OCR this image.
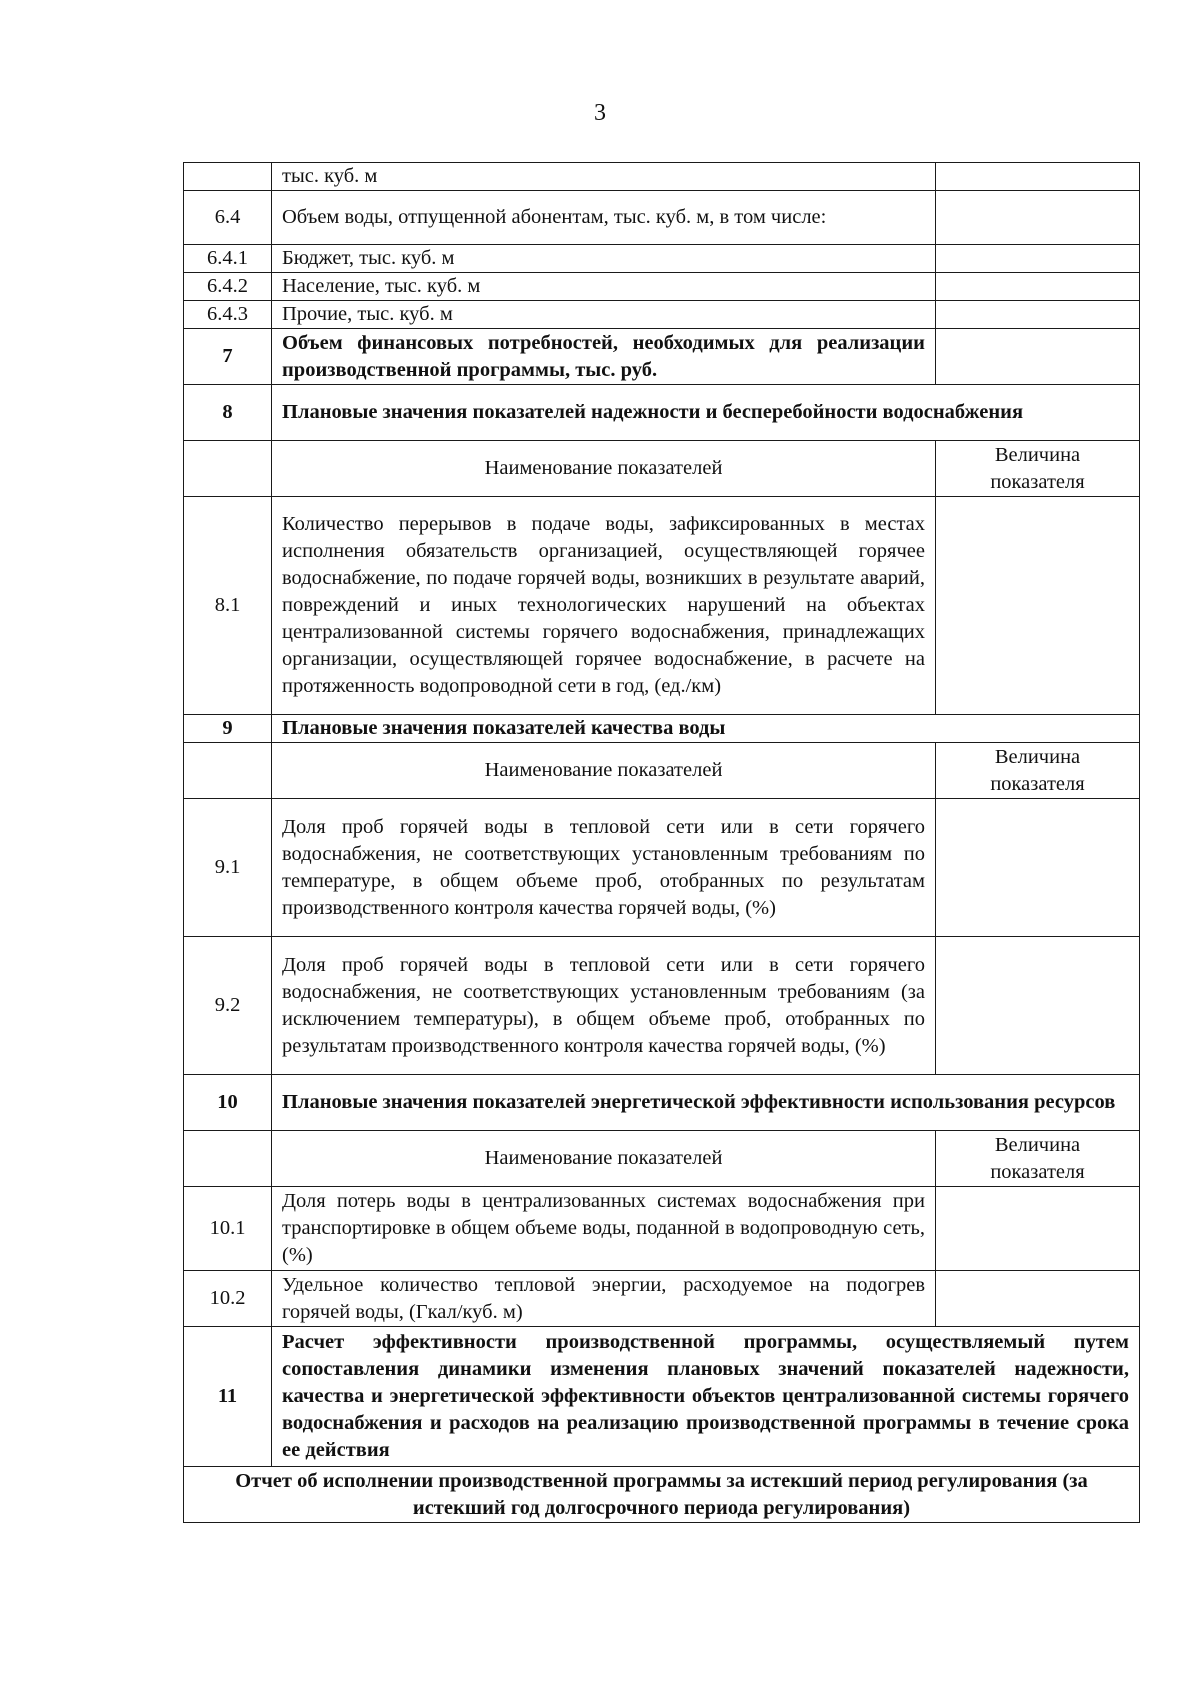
3
	тыс. куб. м	
6.4	Объем воды, отпущенной абонентам, тыс. куб. м, в том числе:	
6.4.1	Бюджет, тыс. куб. м	
6.4.2	Население, тыс. куб. м	
6.4.3	Прочие, тыс. куб. м	
7	Объем финансовых потребностей, необходимых для реализации производственной программы, тыс. руб.	
8	Плановые значения показателей надежности и бесперебойности водоснабжения	
	Наименование показателей	Величина показателя
8.1	Количество перерывов в подаче воды, зафиксированных в местах исполнения обязательств организацией, осуществляющей горячее водоснабжение, по подаче горячей воды, возникших в результате аварий, повреждений и иных технологических нарушений на объектах централизованной системы горячего водоснабжения, принадлежащих организации, осуществляющей горячее водоснабжение, в расчете на протяженность водопроводной сети в год, (ед./км)	
9	Плановые значения показателей качества воды	
	Наименование показателей	Величина показателя
9.1	Доля проб горячей воды в тепловой сети или в сети горячего водоснабжения, не соответствующих установленным требованиям по температуре, в общем объеме проб, отобранных по результатам производственного контроля качества горячей воды, (%)	
9.2	Доля проб горячей воды в тепловой сети или в сети горячего водоснабжения, не соответствующих установленным требованиям (за исключением температуры), в общем объеме проб, отобранных по результатам производственного контроля качества горячей воды, (%)	
10	Плановые значения показателей энергетической эффективности использования ресурсов	
	Наименование показателей	Величина показателя
10.1	Доля потерь воды в централизованных системах водоснабжения при транспортировке в общем объеме воды, поданной в водопроводную сеть, (%)	
10.2	Удельное количество тепловой энергии, расходуемое на подогрев горячей воды, (Гкал/куб. м)	
11	Расчет эффективности производственной программы, осуществляемый путем сопоставления динамики изменения плановых значений показателей надежности, качества и энергетической эффективности объектов централизованной системы горячего водоснабжения и расходов на реализацию производственной программы в течение срока ее действия	
Отчет об исполнении производственной программы за истекший период регулирования (за истекший год долгосрочного периода регулирования)		
